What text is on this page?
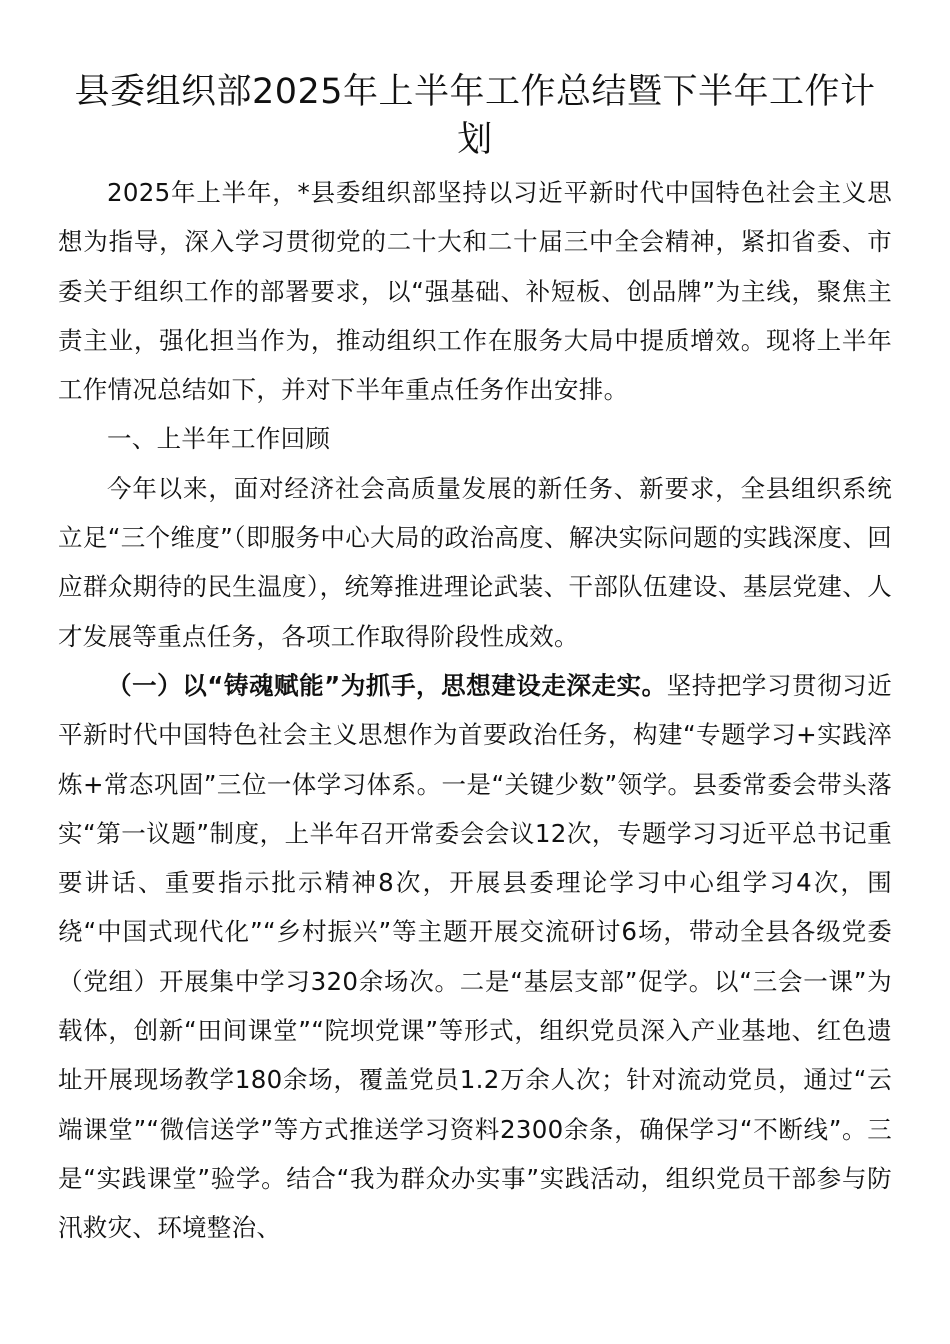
县委组织部2025年上半年工作总结暨下半年工作计划

2025年上半年，*县委组织部坚持以习近平新时代中国特色社会主义思想为指导，深入学习贯彻党的二十大和二十届三中全会精神，紧扣省委、市委关于组织工作的部署要求，以“强基础、补短板、创品牌”为主线，聚焦主责主业，强化担当作为，推动组织工作在服务大局中提质增效。现将上半年工作情况总结如下，并对下半年重点任务作出安排。

一、上半年工作回顾

今年以来，面对经济社会高质量发展的新任务、新要求，全县组织系统立足“三个维度”（即服务中心大局的政治高度、解决实际问题的实践深度、回应群众期待的民生温度），统筹推进理论武装、干部队伍建设、基层党建、人才发展等重点任务，各项工作取得阶段性成效。

（一）以“铸魂赋能”为抓手，思想建设走深走实。坚持把学习贯彻习近平新时代中国特色社会主义思想作为首要政治任务，构建“专题学习+实践淬炼+常态巩固”三位一体学习体系。一是“关键少数”领学。县委常委会带头落实“第一议题”制度，上半年召开常委会会议12次，专题学习习近平总书记重要讲话、重要指示批示精神8次，开展县委理论学习中心组学习4次，围绕“中国式现代化”“乡村振兴”等主题开展交流研讨6场，带动全县各级党委（党组）开展集中学习320余场次。二是“基层支部”促学。以“三会一课”为载体，创新“田间课堂”“院坝党课”等形式，组织党员深入产业基地、红色遗址开展现场教学180余场，覆盖党员1.2万余人次；针对流动党员，通过“云端课堂”“微信送学”等方式推送学习资料2300余条，确保学习“不断线”。三是“实践课堂”验学。结合“我为群众办实事”实践活动，组织党员干部参与防汛救灾、环境整治、
